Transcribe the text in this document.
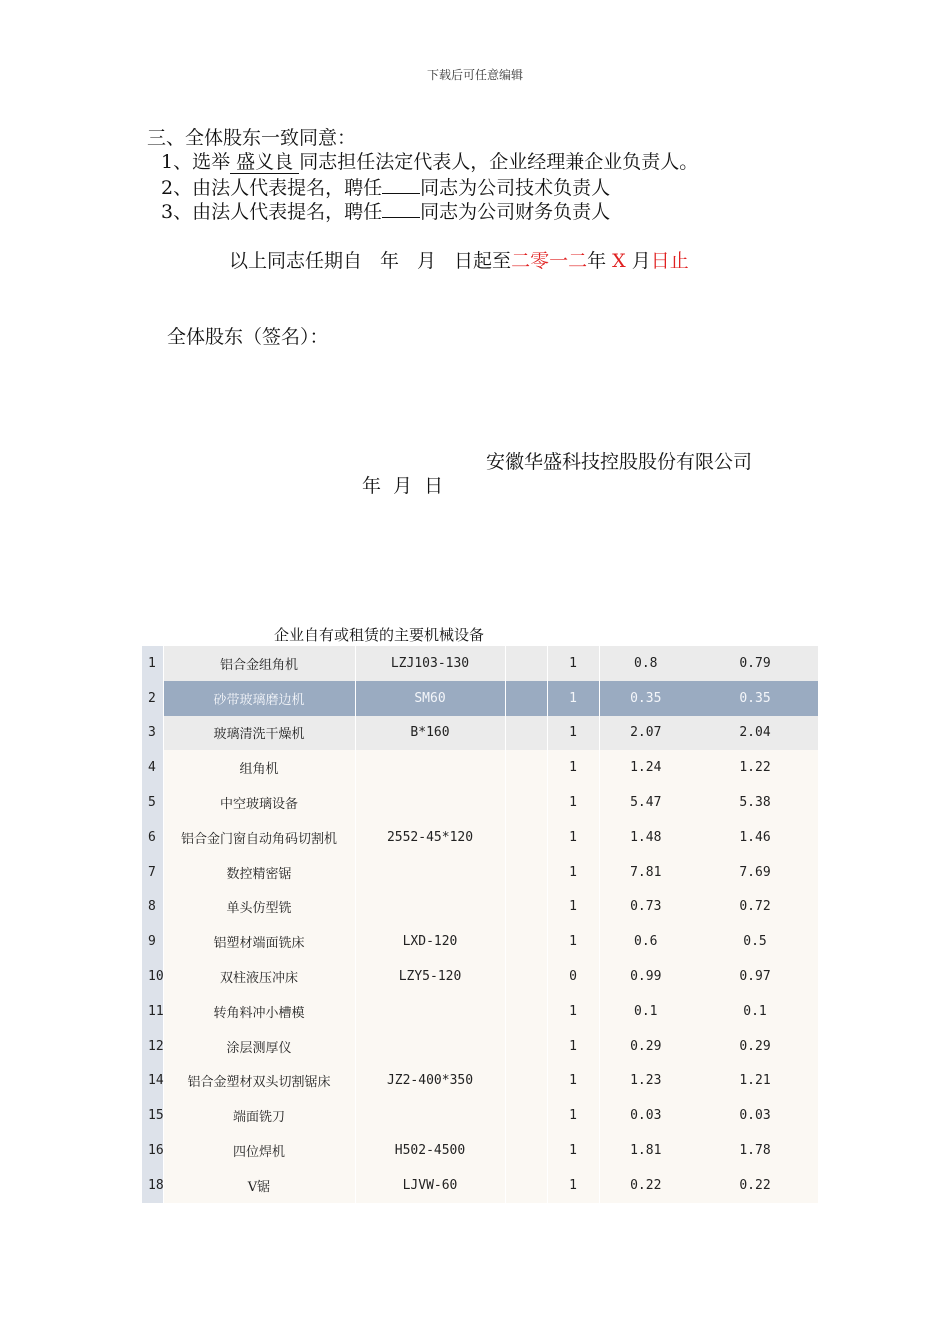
下载后可任意编辑
三、全体股东一致同意：
1、选举 盛义良 同志担任法定代表人，企业经理兼企业负责人。
2、由法人代表提名，聘任 同志为公司技术负责人
3、由法人代表提名，聘任 同志为公司财务负责人
以上同志任期自 年 月 日起至二零一二年 X 月日止
全体股东（签名）：
安徽华盛科技控股股份有限公司
年  月  日
企业自有或租赁的主要机械设备
1	铝合金组角机	LZJ103-130		1	0.8	0.79
2	砂带玻璃磨边机	SM60		1	0.35	0.35
3	玻璃清洗干燥机	B*160		1	2.07	2.04
4	组角机			1	1.24	1.22
5	中空玻璃设备			1	5.47	5.38
6	铝合金门窗自动角码切割机	2552-45*120		1	1.48	1.46
7	数控精密锯			1	7.81	7.69
8	单头仿型铣			1	0.73	0.72
9	铝塑材端面铣床	LXD-120		1	0.6	0.5
10	双柱液压冲床	LZY5-120		0	0.99	0.97
11	转角料冲小槽模			1	0.1	0.1
12	涂层测厚仪			1	0.29	0.29
14	铝合金塑材双头切割锯床	JZ2-400*350		1	1.23	1.21
15	端面铣刀			1	0.03	0.03
16	四位焊机	H502-4500		1	1.81	1.78
18	V锯	LJVW-60		1	0.22	0.22
